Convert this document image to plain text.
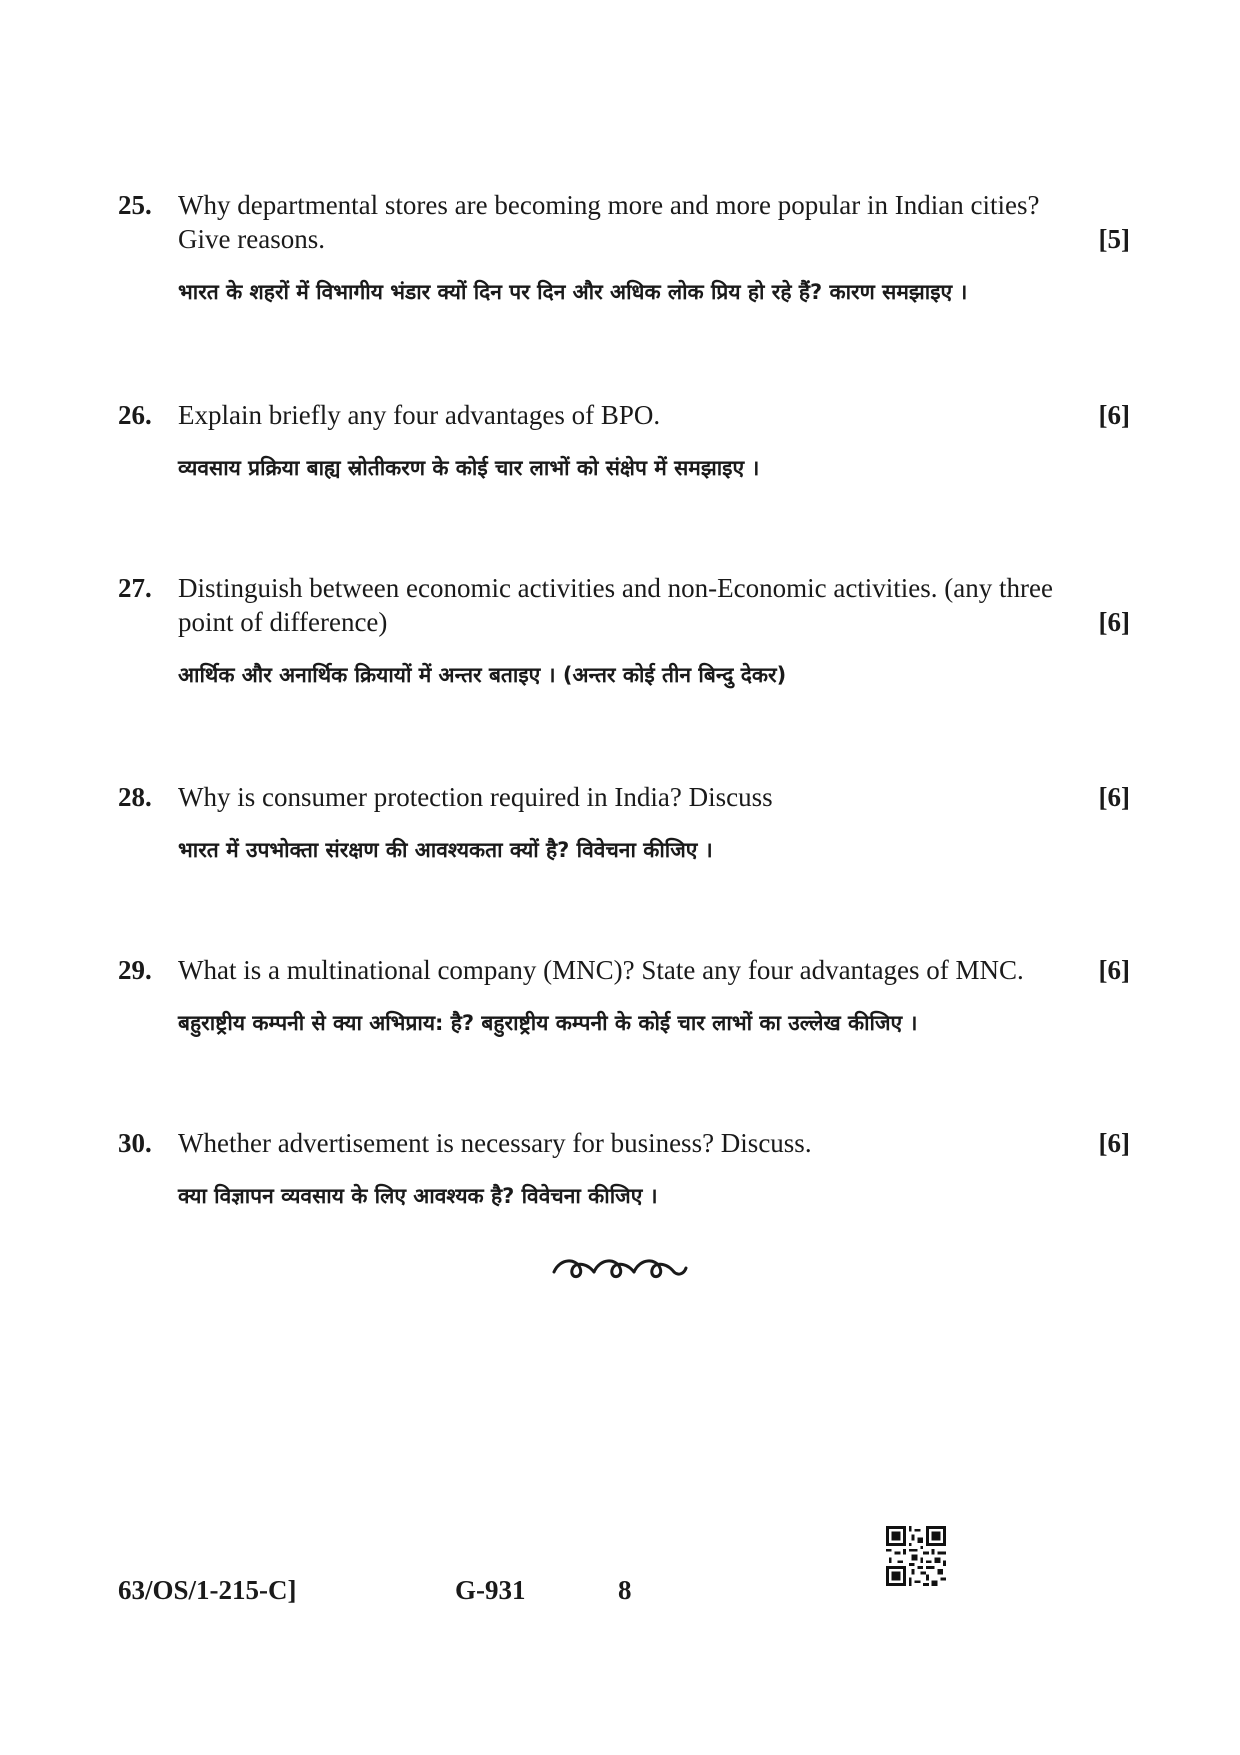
25. Why departmental stores are becoming more and more popular in Indian cities?
Give reasons.	[5]
भारत के शहरों में विभागीय भंडार क्यों दिन पर दिन और अधिक लोक प्रिय हो रहे हैं? कारण समझाइए ।
26. Explain briefly any four advantages of BPO.	[6]
व्यवसाय प्रक्रिया बाह्य स्रोतीकरण के कोई चार लाभों को संक्षेप में समझाइए ।
27. Distinguish between economic activities and non-Economic activities. (any three
point of difference)	[6]
आर्थिक और अनार्थिक क्रियायों में अन्तर बताइए । (अन्तर कोई तीन बिन्दु देकर)
28. Why is consumer protection required in India? Discuss	[6]
भारत में उपभोक्ता संरक्षण की आवश्यकता क्यों है? विवेचना कीजिए ।
29. What is a multinational company (MNC)? State any four advantages of MNC.	[6]
बहुराष्ट्रीय कम्पनी से क्या अभिप्राय: है? बहुराष्ट्रीय कम्पनी के कोई चार लाभों का उल्लेख कीजिए ।
30. Whether advertisement is necessary for business? Discuss.	[6]
क्या विज्ञापन व्यवसाय के लिए आवश्यक है? विवेचना कीजिए ।
63/OS/1-215-C]	G-931	8
